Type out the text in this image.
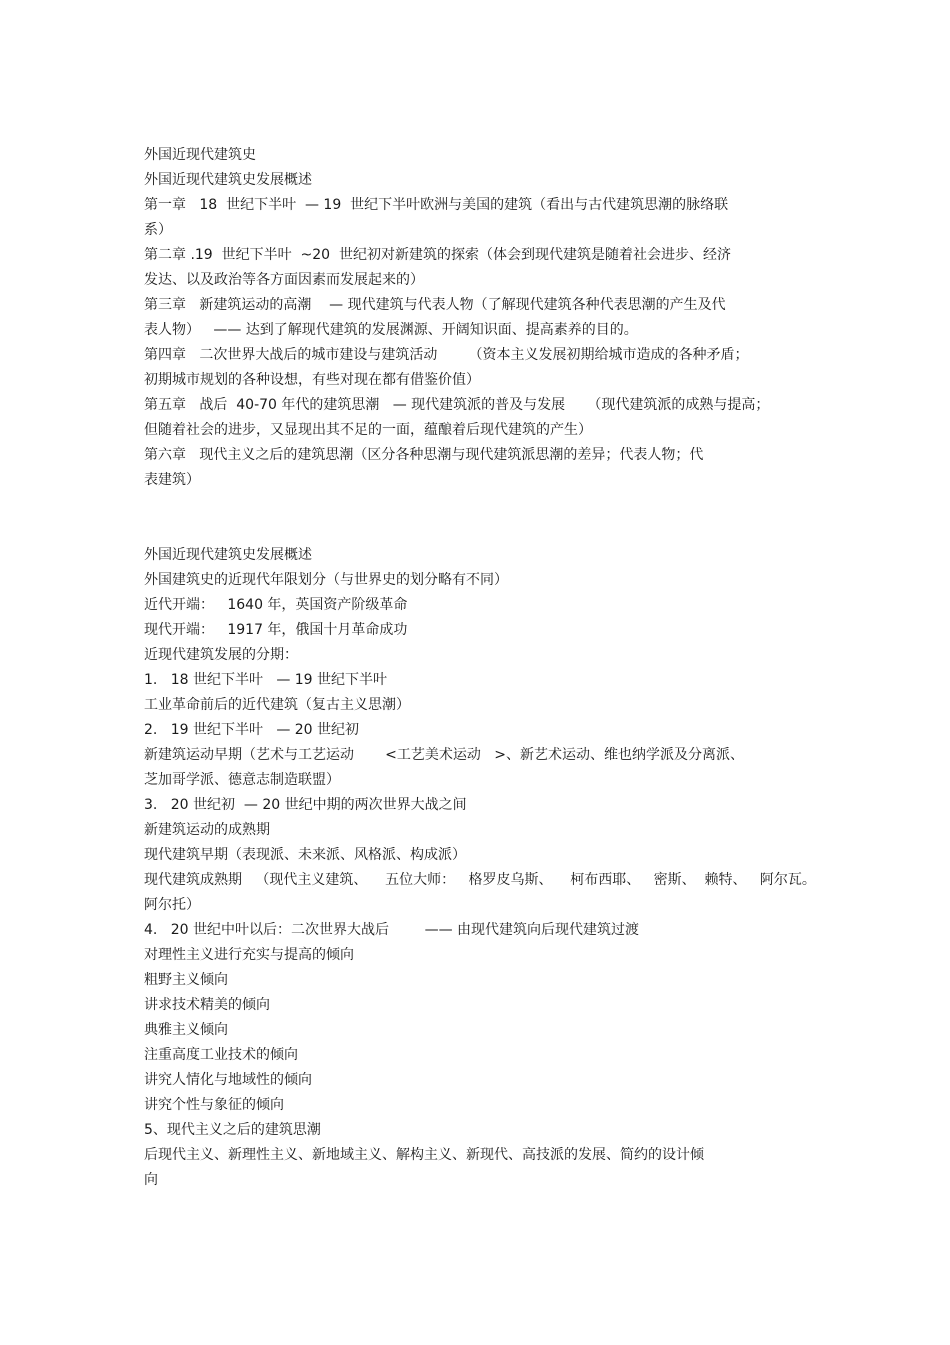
外国近现代建筑史
外国近现代建筑史发展概述
第一章   18  世纪下半叶  — 19  世纪下半叶欧洲与美国的建筑（看出与古代建筑思潮的脉络联
系）
第二章 .19  世纪下半叶  ~20  世纪初对新建筑的探索（体会到现代建筑是随着社会进步、经济
发达、以及政治等各方面因素而发展起来的）
第三章   新建筑运动的高潮    — 现代建筑与代表人物（了解现代建筑各种代表思潮的产生及代
表人物）   —— 达到了解现代建筑的发展渊源、开阔知识面、提高素养的目的。
第四章   二次世界大战后的城市建设与建筑活动       （资本主义发展初期给城市造成的各种矛盾；
初期城市规划的各种设想，有些对现在都有借鉴价值）
第五章   战后  40-70 年代的建筑思潮   — 现代建筑派的普及与发展     （现代建筑派的成熟与提高；
但随着社会的进步，又显现出其不足的一面，蕴酿着后现代建筑的产生）
第六章   现代主义之后的建筑思潮（区分各种思潮与现代建筑派思潮的差异；代表人物；代
表建筑）
外国近现代建筑史发展概述
外国建筑史的近现代年限划分（与世界史的划分略有不同）
近代开端：   1640 年，英国资产阶级革命
现代开端：   1917 年，俄国十月革命成功
近现代建筑发展的分期：
1.   18 世纪下半叶   — 19 世纪下半叶
工业革命前后的近代建筑（复古主义思潮）
2.   19 世纪下半叶   — 20 世纪初
新建筑运动早期（艺术与工艺运动       <工艺美术运动   >、新艺术运动、维也纳学派及分离派、
芝加哥学派、德意志制造联盟）
3.   20 世纪初  — 20 世纪中期的两次世界大战之间
新建筑运动的成熟期
现代建筑早期（表现派、未来派、风格派、构成派）
现代建筑成熟期   （现代主义建筑、    五位大师：   格罗皮乌斯、    柯布西耶、   密斯、  赖特、   阿尔瓦。
阿尔托）
4.   20 世纪中叶以后：二次世界大战后        —— 由现代建筑向后现代建筑过渡
对理性主义进行充实与提高的倾向
粗野主义倾向
讲求技术精美的倾向
典雅主义倾向
注重高度工业技术的倾向
讲究人情化与地域性的倾向
讲究个性与象征的倾向
5、现代主义之后的建筑思潮
后现代主义、新理性主义、新地域主义、解构主义、新现代、高技派的发展、简约的设计倾
向
